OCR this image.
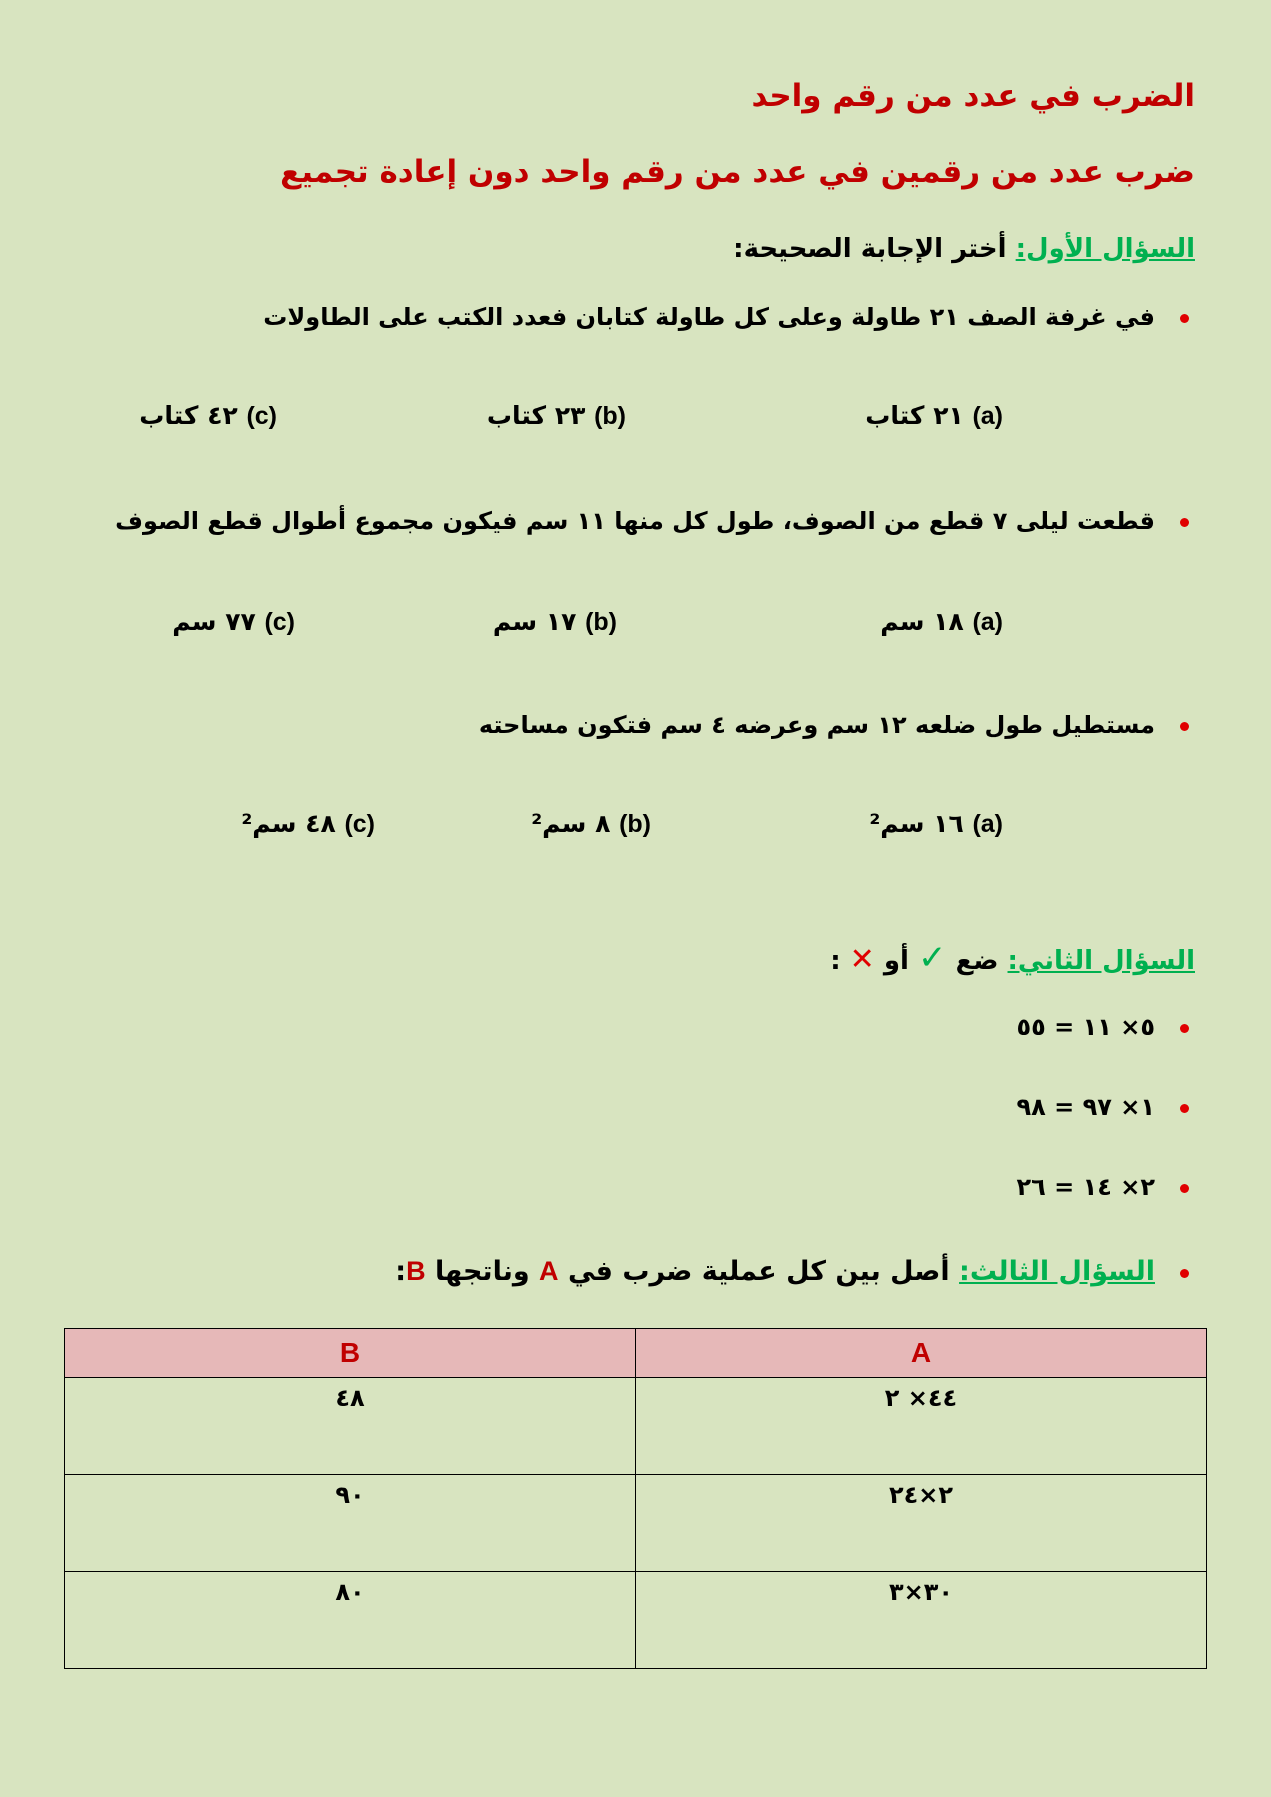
الضرب في عدد من رقم واحد
ضرب عدد من رقمين في عدد من رقم واحد دون إعادة تجميع
السؤال الأول: أختر الإجابة الصحيحة:
في غرفة الصف ٢١ طاولة وعلى كل طاولة كتابان فعدد الكتب على الطاولات
(a) ٢١ كتاب
(b) ٢٣ كتاب
(c) ٤٢ كتاب
قطعت ليلى ٧ قطع من الصوف، طول كل منها ١١ سم فيكون مجموع أطوال قطع الصوف
(a) ١٨ سم
(b) ١٧ سم
(c) ٧٧ سم
مستطيل طول ضلعه ١٢ سم وعرضه ٤ سم فتكون مساحته
(a) ١٦ سم²
(b) ٨ سم²
(c) ٤٨ سم²
السؤال الثاني: ضع ✓ أو ✕ :
٥× ١١ = ٥٥
١× ٩٧ = ٩٨
٢× ١٤ = ٢٦
السؤال الثالث: أصل بين كل عملية ضرب في A وناتجها B:
B	A
٤٨	٤٤× ٢
٩٠	٢×٢٤
٨٠	٣٠×٣
